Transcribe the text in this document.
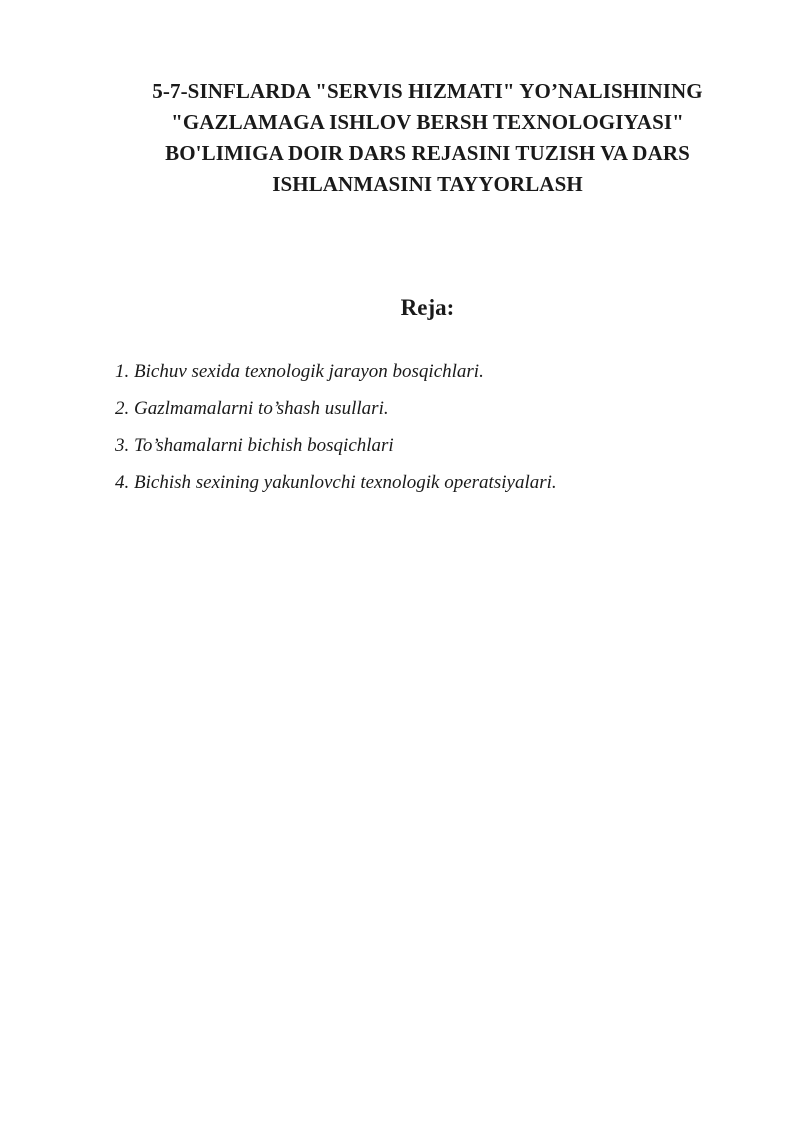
5-7-SINFLARDA "SERVIS HIZMATI" YO’NALISHINING
"GAZLAMAGA ISHLOV BERSH TEXNOLOGIYASI"
BO'LIMIGA DOIR DARS REJASINI TUZISH VA DARS
ISHLANMASINI TAYYORLASH
Reja:
1. Bichuv sexida texnologik jarayon bosqichlari.
2. Gazlmamalarni to’shash usullari.
3. To’shamalarni bichish bosqichlari
4. Bichish sexining yakunlovchi texnologik operatsiyalari.
